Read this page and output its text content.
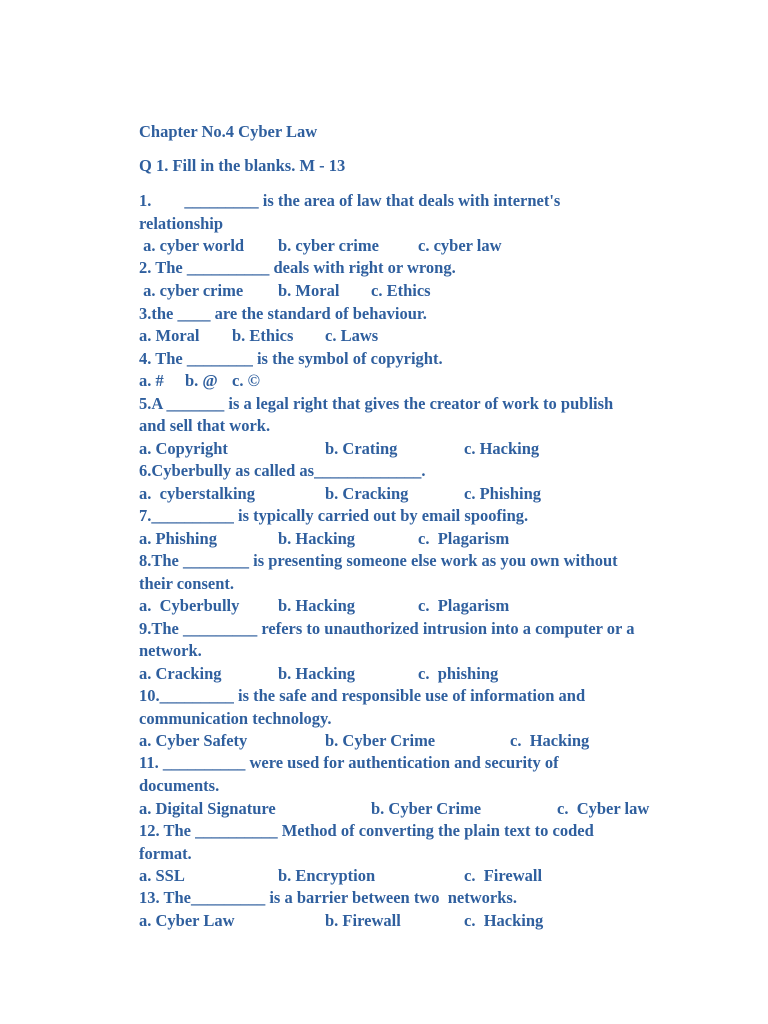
Chapter No.4 Cyber Law
Q 1. Fill in the blanks. M - 13
1.        _________ is the area of law that deals with internet's
relationship
a. cyber world b. cyber crime c. cyber law
2. The __________ deals with right or wrong.
a. cyber crime b. Moral c. Ethics
3.the ____ are the standard of behaviour.
a. Moral b. Ethics c. Laws
4. The ________ is the symbol of copyright.
a. # b. @ c. ©
5.A _______ is a legal right that gives the creator of work to publish
and sell that work.
a. Copyright	b. Crating	c. Hacking
6.Cyberbully as called as_____________.
a.  cyberstalking	b. Cracking	c. Phishing
7.__________ is typically carried out by email spoofing.
a. Phishing	b. Hacking	c.  Plagarism
8.The ________ is presenting someone else work as you own without
their consent.
a.  Cyberbully b. Hacking	c.  Plagarism
9.The _________ refers to unauthorized intrusion into a computer or a
network.
a. Cracking	b. Hacking	c.  phishing
10._________ is the safe and responsible use of information and
communication technology.
a. Cyber Safety	b. Cyber Crime	c.  Hacking
11. __________ were used for authentication and security of
documents.
a. Digital Signature	b. Cyber Crime	c.  Cyber law
12. The __________ Method of converting the plain text to coded
format.
a. SSL	b. Encryption	c.  Firewall
13. The_________ is a barrier between two  networks.
a. Cyber Law	b. Firewall	c.  Hacking
